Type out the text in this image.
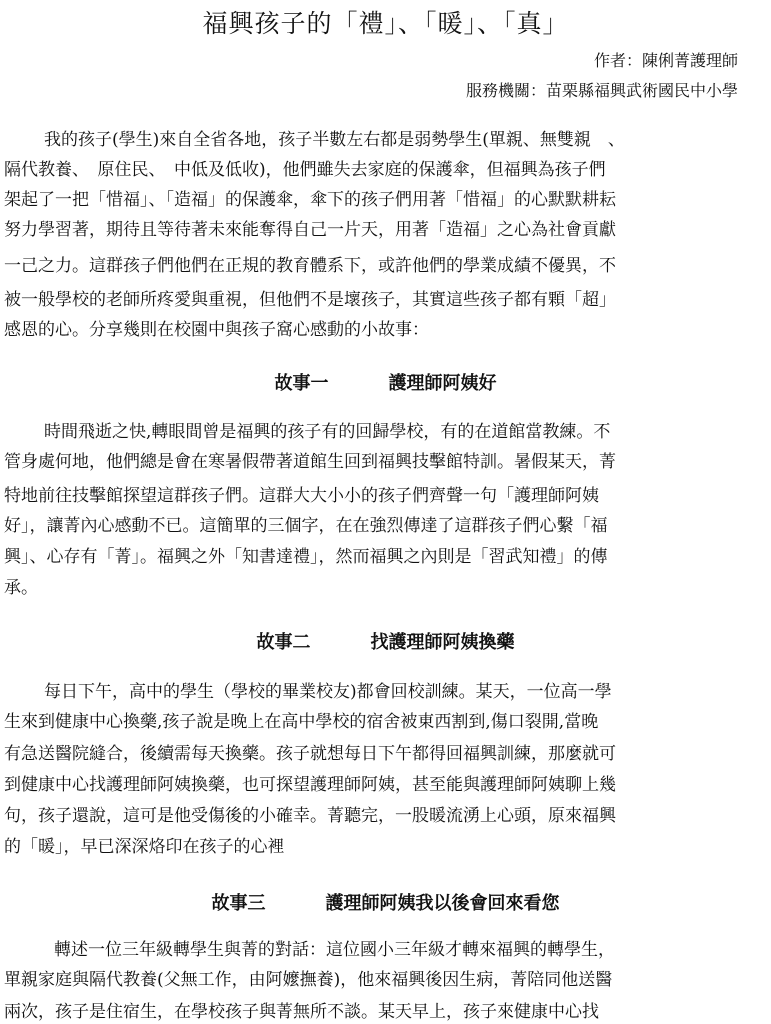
福興孩子的「禮」、「暖」、「真」
作者：陳俐菁護理師
服務機關：苗栗縣福興武術國民中小學
我的孩子(學生)來自全省各地，孩子半數左右都是弱勢學生(單親、無雙親　、
隔代教養、　原住民、　中低及低收)，他們雖失去家庭的保護傘，但福興為孩子們
架起了一把「惜福」、「造福」的保護傘，傘下的孩子們用著「惜福」的心默默耕耘
努力學習著，期待且等待著未來能奪得自己一片天，用著「造福」之心為社會貢獻
一己之力。這群孩子們他們在正規的教育體系下，或許他們的學業成績不優異，不
被一般學校的老師所疼愛與重視，但他們不是壞孩子，其實這些孩子都有顆「超」
感恩的心。分享幾則在校園中與孩子窩心感動的小故事：
故事一	護理師阿姨好
時間飛逝之快,轉眼間曾是福興的孩子有的回歸學校，有的在道館當教練。不
管身處何地，他們總是會在寒暑假帶著道館生回到福興技擊館特訓。暑假某天，菁
特地前往技擊館探望這群孩子們。這群大大小小的孩子們齊聲一句「護理師阿姨
好」，讓菁內心感動不已。這簡單的三個字，在在強烈傳達了這群孩子們心繫「福
興」、心存有「菁」。福興之外「知書達禮」，然而福興之內則是「習武知禮」的傳
承。
故事二	找護理師阿姨換藥
每日下午，高中的學生（學校的畢業校友)都會回校訓練。某天，一位高一學
生來到健康中心換藥,孩子說是晚上在高中學校的宿舍被東西割到,傷口裂開,當晚
有急送醫院縫合，後續需每天換藥。孩子就想每日下午都得回福興訓練，那麼就可
到健康中心找護理師阿姨換藥，也可探望護理師阿姨，甚至能與護理師阿姨聊上幾
句，孩子還說，這可是他受傷後的小確幸。菁聽完，一股暖流湧上心頭，原來福興
的「暖」，早已深深烙印在孩子的心裡
故事三	護理師阿姨我以後會回來看您
轉述一位三年級轉學生與菁的對話：這位國小三年級才轉來福興的轉學生，
單親家庭與隔代教養(父無工作，由阿嬤撫養)，他來福興後因生病，菁陪同他送醫
兩次，孩子是住宿生，在學校孩子與菁無所不談。某天早上，孩子來健康中心找
